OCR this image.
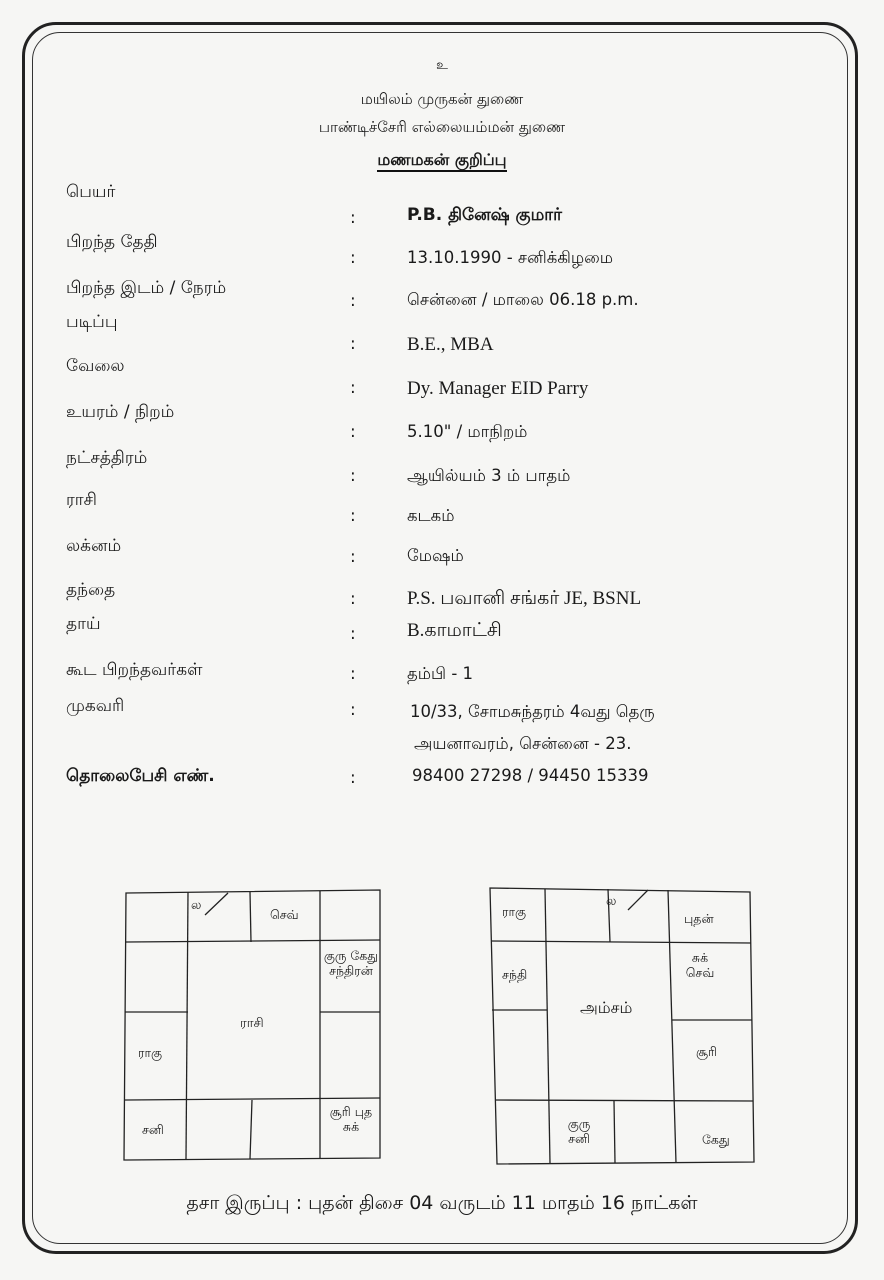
உ
மயிலம் முருகன் துணை
பாண்டிச்சேரி எல்லையம்மன் துணை
மணமகன் குறிப்பு
பெயர்
:	P.B. தினேஷ் குமார்
பிறந்த தேதி
:	13.10.1990 - சனிக்கிழமை
பிறந்த இடம் / நேரம்
:	சென்னை / மாலை 06.18 p.m.
படிப்பு
:	B.E., MBA
வேலை
:	Dy. Manager EID Parry
உயரம் / நிறம்
:	5.10" / மாநிறம்
நட்சத்திரம்
:	ஆயில்யம் 3 ம் பாதம்
ராசி
:	கடகம்
லக்னம்
:	மேஷம்
தந்தை	:	P.S. பவானி சங்கர் JE, BSNL
தாய்	:	B.காமாட்சி
கூட பிறந்தவர்கள்	:	தம்பி - 1
முகவரி	:	10/33, சோமசுந்தரம் 4வது தெரு
அயனாவரம், சென்னை - 23.
தொலைபேசி எண்.	:	98400 27298 / 94450 15339
ல
செவ்
குரு கேது சந்திரன்
ராசி
ராகு
சனி
சூரி புத சுக்
ராகு
ல
புதன்
சந்தி
அம்சம்
சுக் செவ்
சூரி
குரு சனி	கேது
தசா இருப்பு : புதன் திசை 04 வருடம் 11 மாதம் 16 நாட்கள்
